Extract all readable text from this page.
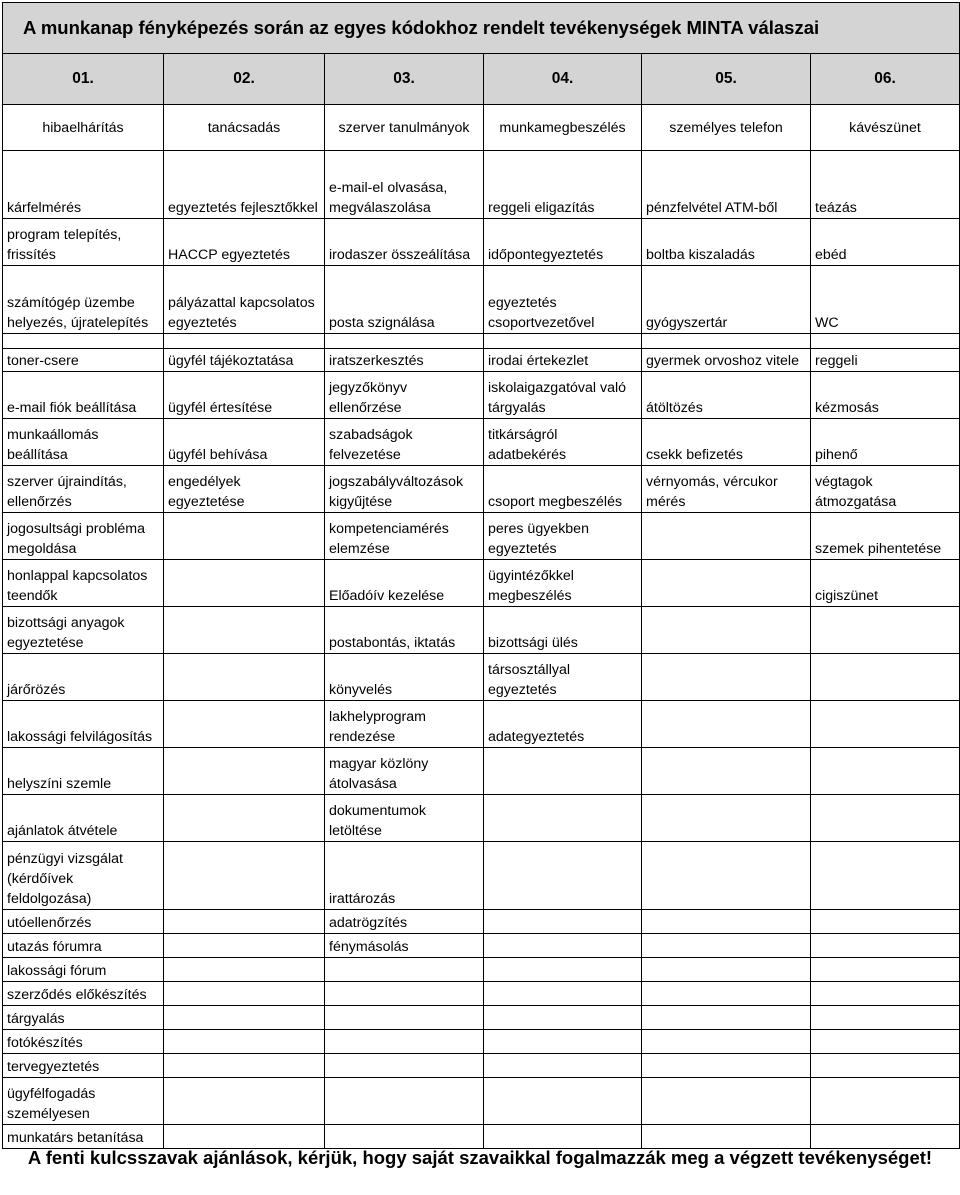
A munkanap fényképezés során az egyes kódokhoz rendelt tevékenységek MINTA válaszai					
01.	02.	03.	04.	05.	06.
hibaelhárítás	tanácsadás	szerver tanulmányok	munkamegbeszélés	személyes telefon	kávészünet
kárfelmérés	egyeztetés fejlesztőkkel	e-mail-el olvasása, megválaszolása	reggeli eligazítás	pénzfelvétel ATM-ből	teázás
program telepítés, frissítés	HACCP egyeztetés	irodaszer összeálítása	időpontegyeztetés	boltba kiszaladás	ebéd
számítógép üzembe helyezés, újratelepítés	pályázattal kapcsolatos egyeztetés	posta szignálása	egyeztetés csoportvezetővel	gyógyszertár	WC

toner-csere	ügyfél tájékoztatása	iratszerkesztés	irodai értekezlet	gyermek orvoshoz vitele	reggeli
e-mail fiók beállítása	ügyfél értesítése	jegyzőkönyv ellenőrzése	iskolaigazgatóval való tárgyalás	átöltözés	kézmosás
munkaállomás beállítása	ügyfél behívása	szabadságok felvezetése	titkárságról adatbekérés	csekk befizetés	pihenő
szerver újraindítás, ellenőrzés	engedélyek egyeztetése	jogszabályváltozások kigyűjtése	csoport megbeszélés	vérnyomás, vércukor mérés	végtagok átmozgatása
jogosultsági probléma megoldása		kompetenciamérés elemzése	peres ügyekben egyeztetés		szemek pihentetése
honlappal kapcsolatos teendők		Előadóív kezelése	ügyintézőkkel megbeszélés		cigiszünet
bizottsági anyagok egyeztetése		postabontás, iktatás	bizottsági ülés		
járőrözés		könyvelés	társosztállyal egyeztetés		
lakossági felvilágosítás		lakhelyprogram rendezése	adategyeztetés		
helyszíni szemle		magyar közlöny átolvasása			
ajánlatok átvétele		dokumentumok letöltése			
pénzügyi vizsgálat (kérdőívek feldolgozása)		irattározás			
utóellenőrzés		adatrögzítés			
utazás fórumra		fénymásolás			
lakossági fórum					
szerződés előkészítés					
tárgyalás					
fotókészítés					
tervegyeztetés					
ügyfélfogadás személyesen					
munkatárs betanítása					
A fenti kulcsszavak ajánlások, kérjük, hogy saját szavaikkal fogalmazzák meg a végzett tevékenységet!
